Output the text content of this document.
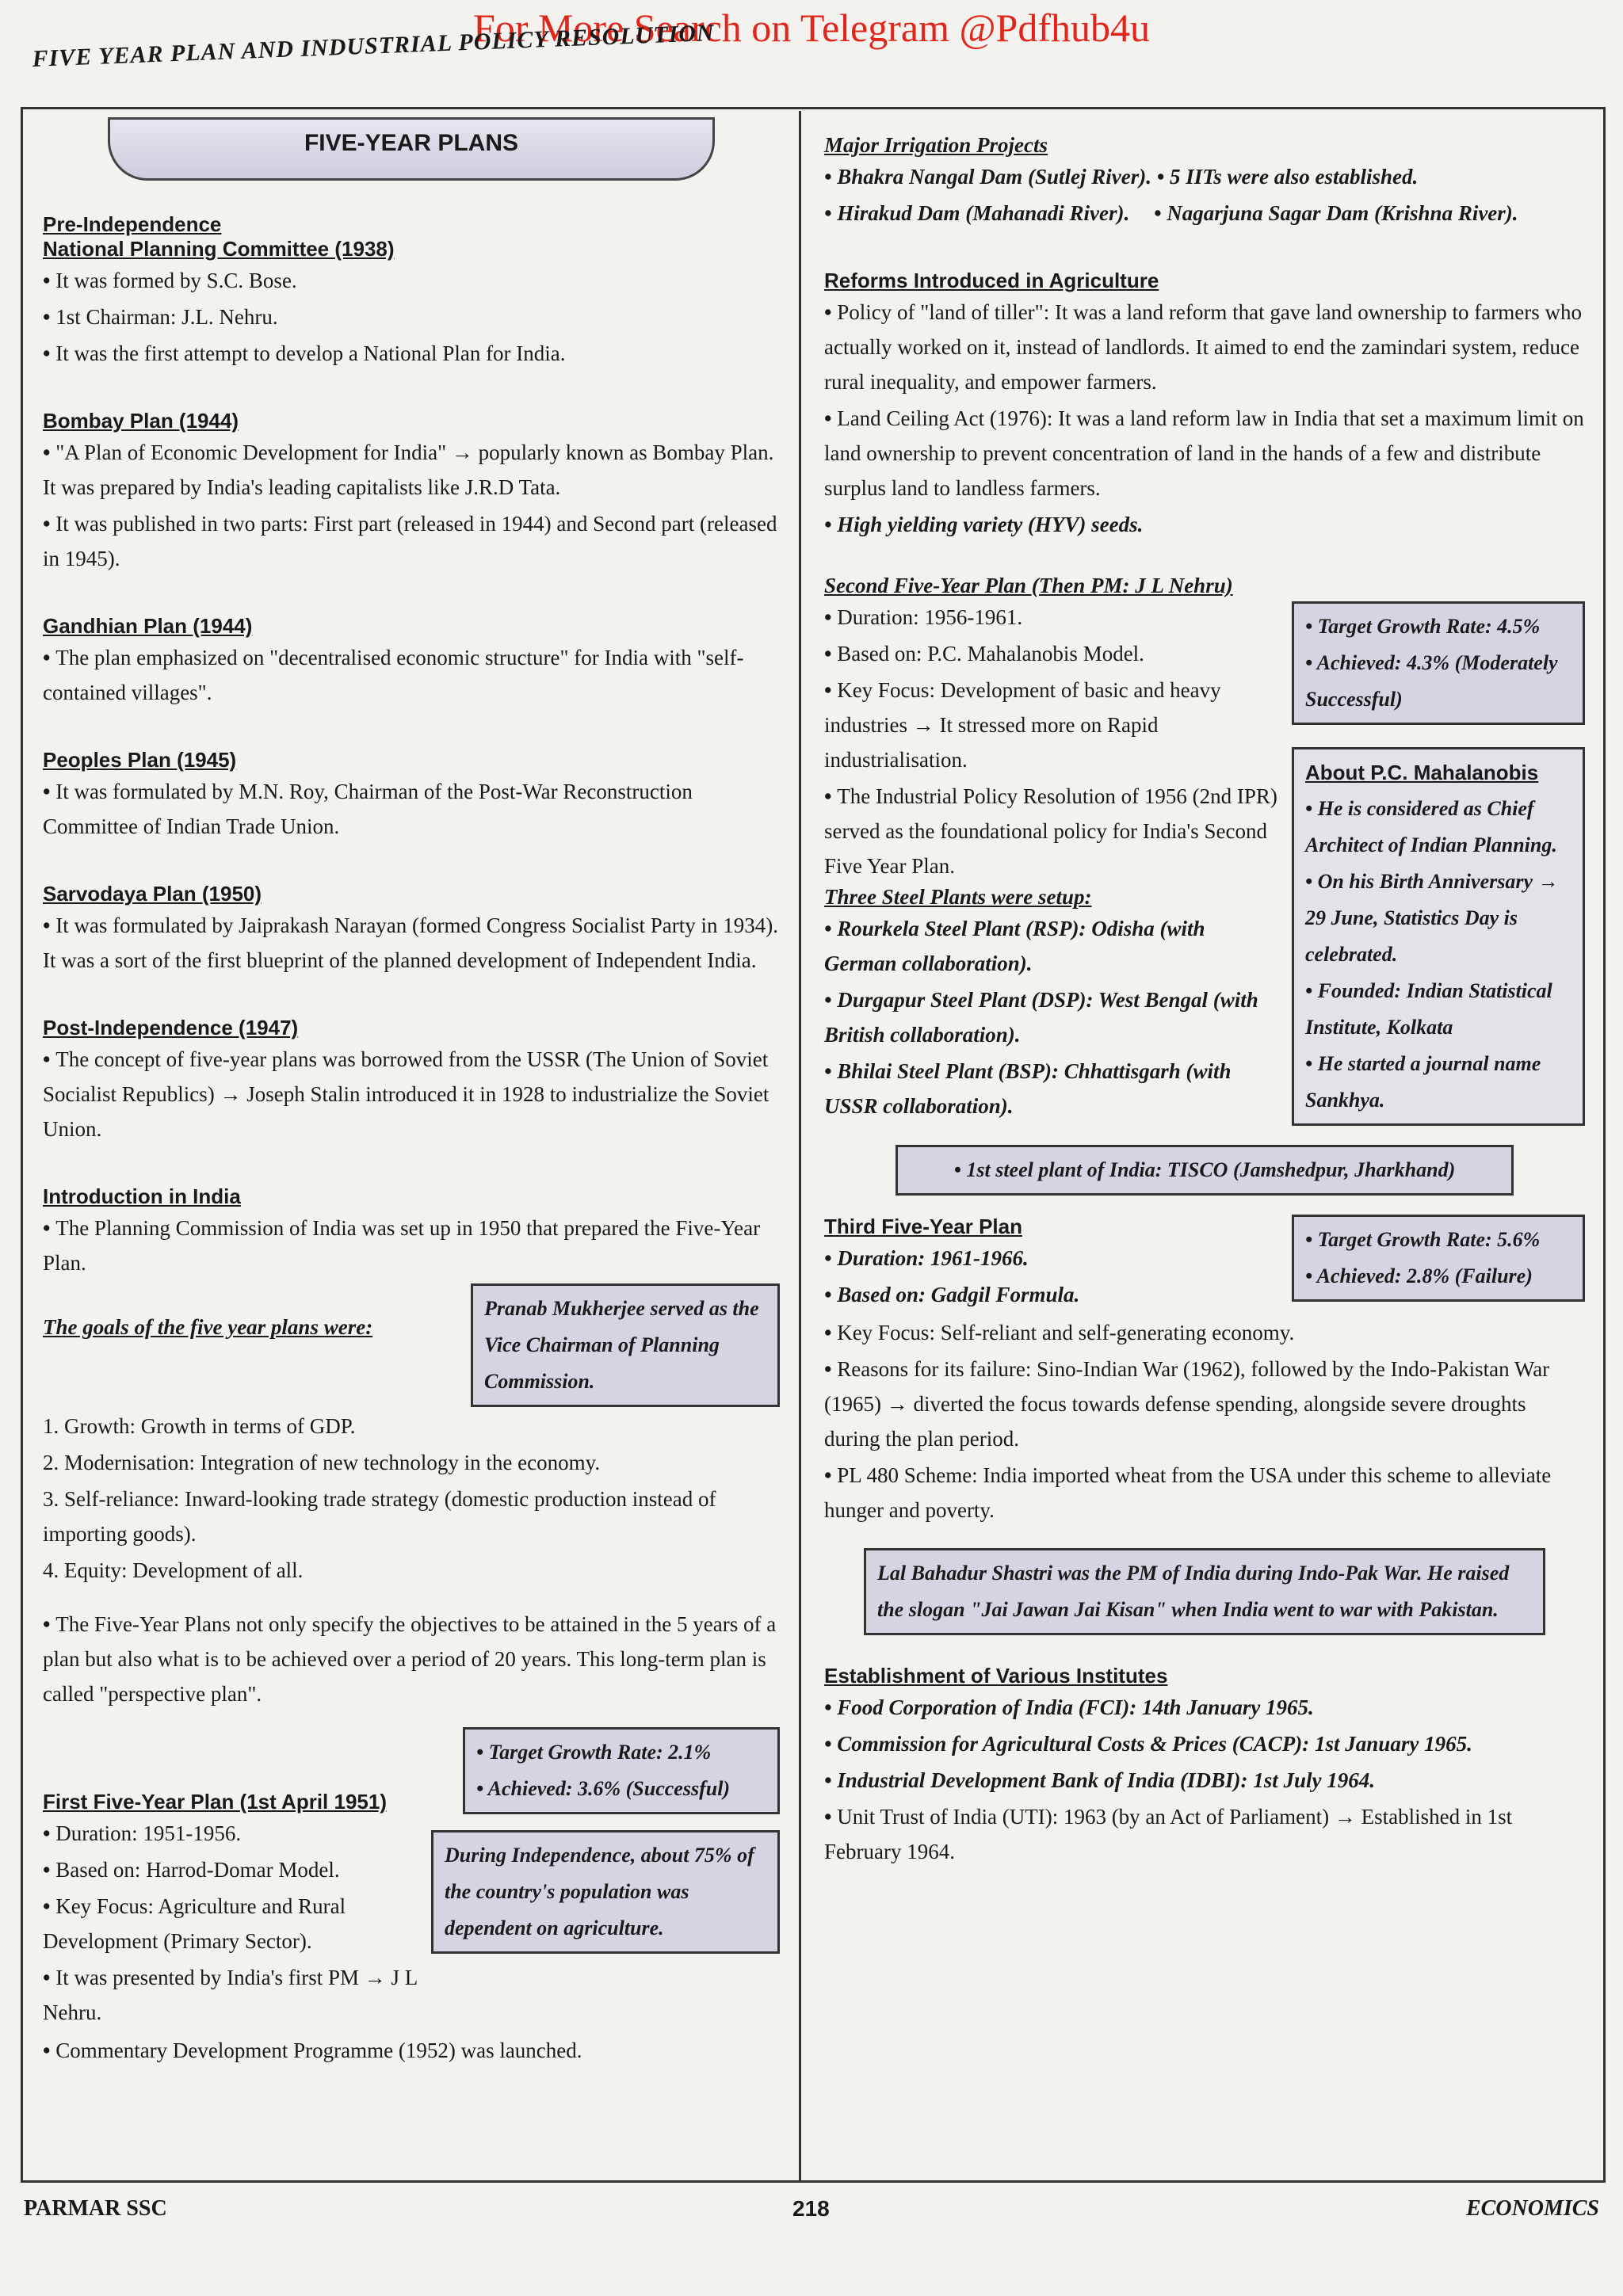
For More Search on Telegram @Pdfhub4u
FIVE YEAR PLAN AND INDUSTRIAL POLICY RESOLUTION
FIVE-YEAR PLANS
Pre-Independence
National Planning Committee (1938)
• It was formed by S.C. Bose.
• 1st Chairman: J.L. Nehru.
• It was the first attempt to develop a National Plan for India.
Bombay Plan (1944)
• "A Plan of Economic Development for India" → popularly known as Bombay Plan. It was prepared by India's leading capitalists like J.R.D Tata.
• It was published in two parts: First part (released in 1944) and Second part (released in 1945).
Gandhian Plan (1944)
• The plan emphasized on "decentralised economic structure" for India with "self-contained villages".
Peoples Plan (1945)
• It was formulated by M.N. Roy, Chairman of the Post-War Reconstruction Committee of Indian Trade Union.
Sarvodaya Plan (1950)
• It was formulated by Jaiprakash Narayan (formed Congress Socialist Party in 1934). It was a sort of the first blueprint of the planned development of Independent India.
Post-Independence (1947)
• The concept of five-year plans was borrowed from the USSR (The Union of Soviet Socialist Republics) → Joseph Stalin introduced it in 1928 to industrialize the Soviet Union.
Introduction in India
• The Planning Commission of India was set up in 1950 that prepared the Five-Year Plan.
The goals of the five year plans were:
Pranab Mukherjee served as the Vice Chairman of Planning Commission.
1. Growth: Growth in terms of GDP.
2. Modernisation: Integration of new technology in the economy.
3. Self-reliance: Inward-looking trade strategy (domestic production instead of importing goods).
4. Equity: Development of all.
• The Five-Year Plans not only specify the objectives to be attained in the 5 years of a plan but also what is to be achieved over a period of 20 years. This long-term plan is called "perspective plan".
First Five-Year Plan (1st April 1951)
• Target Growth Rate: 2.1%
• Achieved: 3.6% (Successful)
• Duration: 1951-1956.
• Based on: Harrod-Domar Model.
• Key Focus: Agriculture and Rural Development (Primary Sector).
• It was presented by India's first PM → J L Nehru.
During Independence, about 75% of the country's population was dependent on agriculture.
• Commentary Development Programme (1952) was launched.
Major Irrigation Projects
• Bhakra Nangal Dam (Sutlej River). • 5 IITs were also established.
• Hirakud Dam (Mahanadi River). • Nagarjuna Sagar Dam (Krishna River).
Reforms Introduced in Agriculture
• Policy of "land of tiller": It was a land reform that gave land ownership to farmers who actually worked on it, instead of landlords. It aimed to end the zamindari system, reduce rural inequality, and empower farmers.
• Land Ceiling Act (1976): It was a land reform law in India that set a maximum limit on land ownership to prevent concentration of land in the hands of a few and distribute surplus land to landless farmers.
• High yielding variety (HYV) seeds.
Second Five-Year Plan (Then PM: J L Nehru)
• Duration: 1956-1961.
• Based on: P.C. Mahalanobis Model.
• Key Focus: Development of basic and heavy industries → It stressed more on Rapid industrialisation.
• The Industrial Policy Resolution of 1956 (2nd IPR) served as the foundational policy for India's Second Five Year Plan.
Three Steel Plants were setup:
• Rourkela Steel Plant (RSP): Odisha (with German collaboration).
• Durgapur Steel Plant (DSP): West Bengal (with British collaboration).
• Bhilai Steel Plant (BSP): Chhattisgarh (with USSR collaboration).
• Target Growth Rate: 4.5%
• Achieved: 4.3% (Moderately Successful)
About P.C. Mahalanobis
• He is considered as Chief Architect of Indian Planning.
• On his Birth Anniversary → 29 June, Statistics Day is celebrated.
• Founded: Indian Statistical Institute, Kolkata
• He started a journal name Sankhya.
• 1st steel plant of India: TISCO (Jamshedpur, Jharkhand)
Third Five-Year Plan
• Duration: 1961-1966.
• Based on: Gadgil Formula.
• Target Growth Rate: 5.6%
• Achieved: 2.8% (Failure)
• Key Focus: Self-reliant and self-generating economy.
• Reasons for its failure: Sino-Indian War (1962), followed by the Indo-Pakistan War (1965) → diverted the focus towards defense spending, alongside severe droughts during the plan period.
• PL 480 Scheme: India imported wheat from the USA under this scheme to alleviate hunger and poverty.
Lal Bahadur Shastri was the PM of India during Indo-Pak War. He raised the slogan "Jai Jawan Jai Kisan" when India went to war with Pakistan.
Establishment of Various Institutes
• Food Corporation of India (FCI): 14th January 1965.
• Commission for Agricultural Costs & Prices (CACP): 1st January 1965.
• Industrial Development Bank of India (IDBI): 1st July 1964.
• Unit Trust of India (UTI): 1963 (by an Act of Parliament) → Established in 1st February 1964.
PARMAR SSC	218	ECONOMICS
